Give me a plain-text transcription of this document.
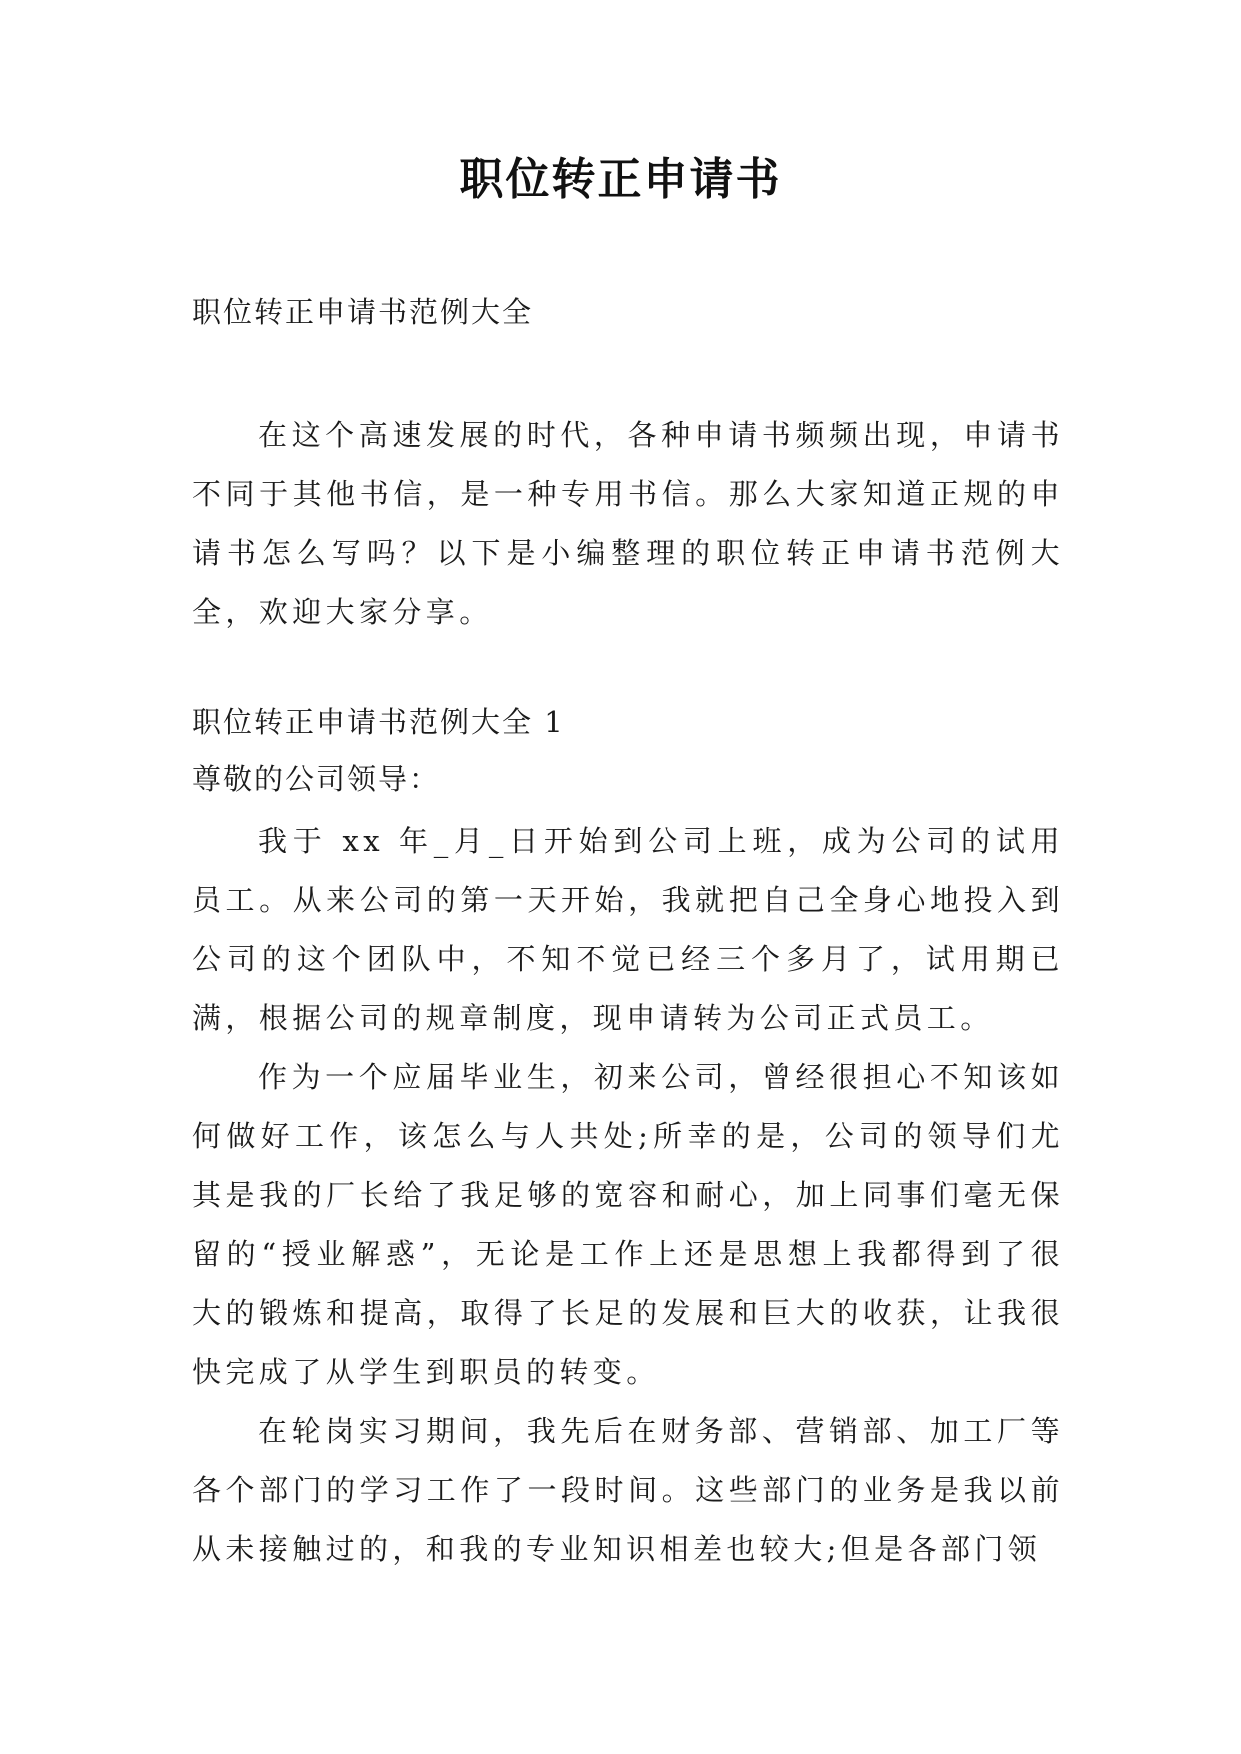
职位转正申请书

职位转正申请书范例大全

在这个高速发展的时代，各种申请书频频出现，申请书不同于其他书信，是一种专用书信。那么大家知道正规的申请书怎么写吗？以下是小编整理的职位转正申请书范例大全，欢迎大家分享。

职位转正申请书范例大全 1

尊敬的公司领导：

我于 xx 年_月_日开始到公司上班，成为公司的试用员工。从来公司的第一天开始，我就把自己全身心地投入到公司的这个团队中，不知不觉已经三个多月了，试用期已满，根据公司的规章制度，现申请转为公司正式员工。

作为一个应届毕业生，初来公司，曾经很担心不知该如何做好工作，该怎么与人共处;所幸的是，公司的领导们尤其是我的厂长给了我足够的宽容和耐心，加上同事们毫无保留的“授业解惑”，无论是工作上还是思想上我都得到了很大的锻炼和提高，取得了长足的发展和巨大的收获，让我很快完成了从学生到职员的转变。

在轮岗实习期间，我先后在财务部、营销部、加工厂等各个部门的学习工作了一段时间。这些部门的业务是我以前从未接触过的，和我的专业知识相差也较大;但是各部门领
